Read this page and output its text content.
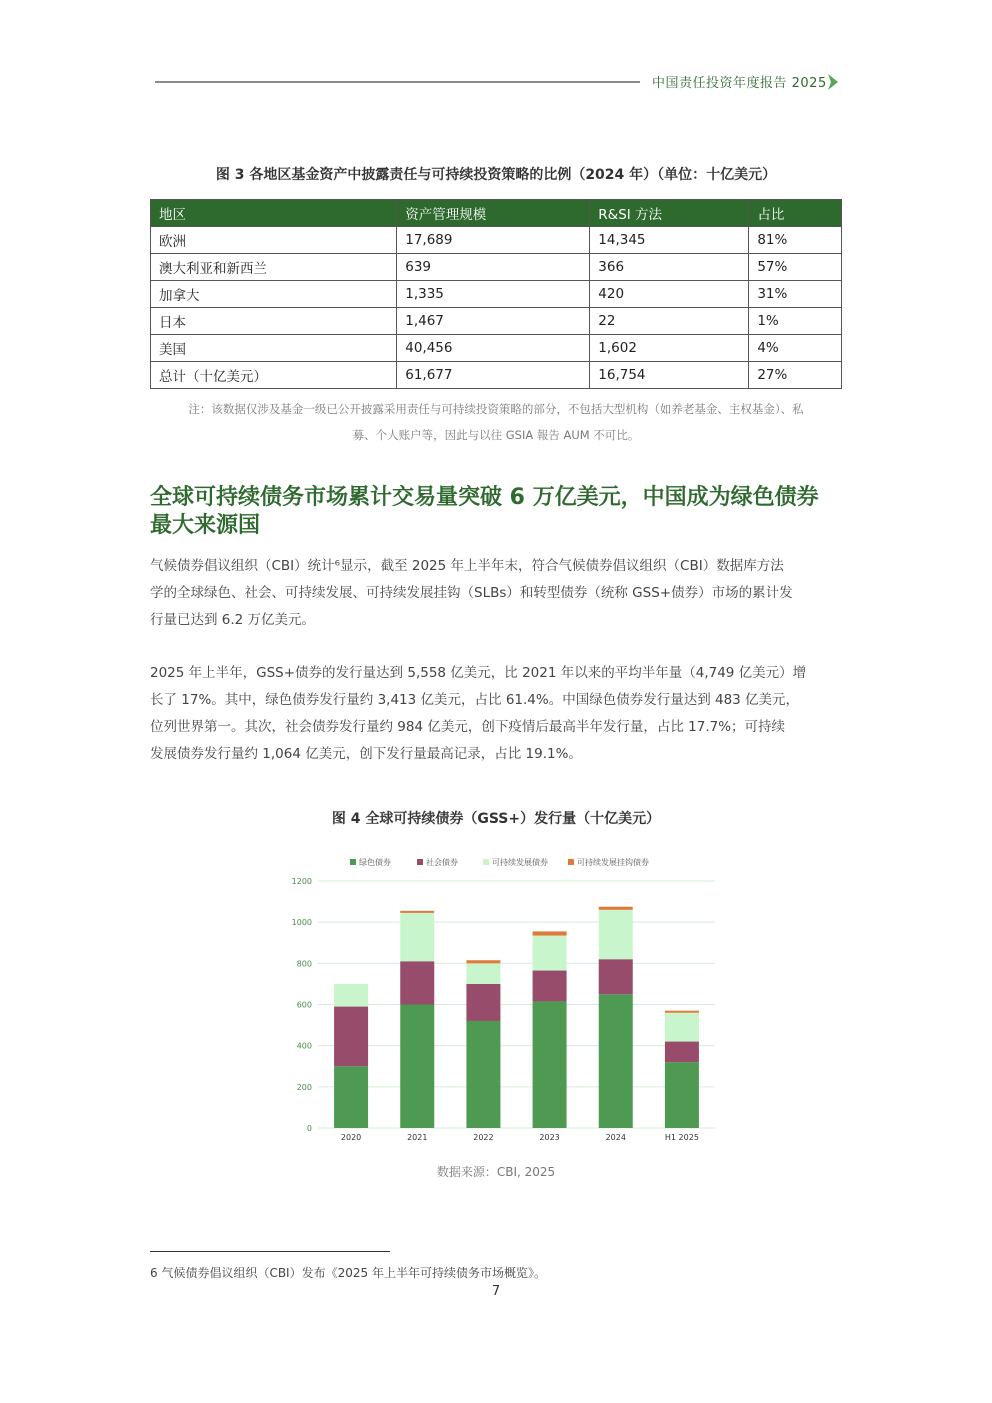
中国责任投资年度报告 2025
图 3 各地区基金资产中披露责任与可持续投资策略的比例（2024 年）（单位：十亿美元）
地区	资产管理规模	R&SI 方法	占比
欧洲	17,689	14,345	81%
澳大利亚和新西兰	639	366	57%
加拿大	1,335	420	31%
日本	1,467	22	1%
美国	40,456	1,602	4%
总计（十亿美元）	61,677	16,754	27%
注：该数据仅涉及基金一级已公开披露采用责任与可持续投资策略的部分，不包括大型机构（如养老基金、主权基金）、私
募、个人账户等，因此与以往 GSIA 報告 AUM 不可比。
全球可持续债务市场累计交易量突破 6 万亿美元，中国成为绿色债券
最大来源国
气候债券倡议组织（CBI）统计⁶显示，截至 2025 年上半年末，符合气候债券倡议组织（CBI）数据库方法
学的全球绿色、社会、可持续发展、可持续发展挂钩（SLBs）和转型债券（统称 GSS+债券）市场的累计发
行量已达到 6.2 万亿美元。
2025 年上半年，GSS+债券的发行量达到 5,558 亿美元，比 2021 年以来的平均半年量（4,749 亿美元）增
长了 17%。其中，绿色债券发行量约 3,413 亿美元，占比 61.4%。中国绿色债券发行量达到 483 亿美元，
位列世界第一。其次，社会债券发行量约 984 亿美元，创下疫情后最高半年发行量，占比 17.7%；可持续
发展债券发行量约 1,064 亿美元，创下发行量最高记录，占比 19.1%。
图 4 全球可持续债券（GSS+）发行量（十亿美元）
0
200
400
600
800
1000
1200
2020	2021	2022	2023	2024	H1 2025
绿色债券	社会债券	可持续发展债券	可持续发展挂钩债券
数据来源：CBI, 2025
6 气候债券倡议组织（CBI）发布《2025 年上半年可持续债务市场概览》。
7
